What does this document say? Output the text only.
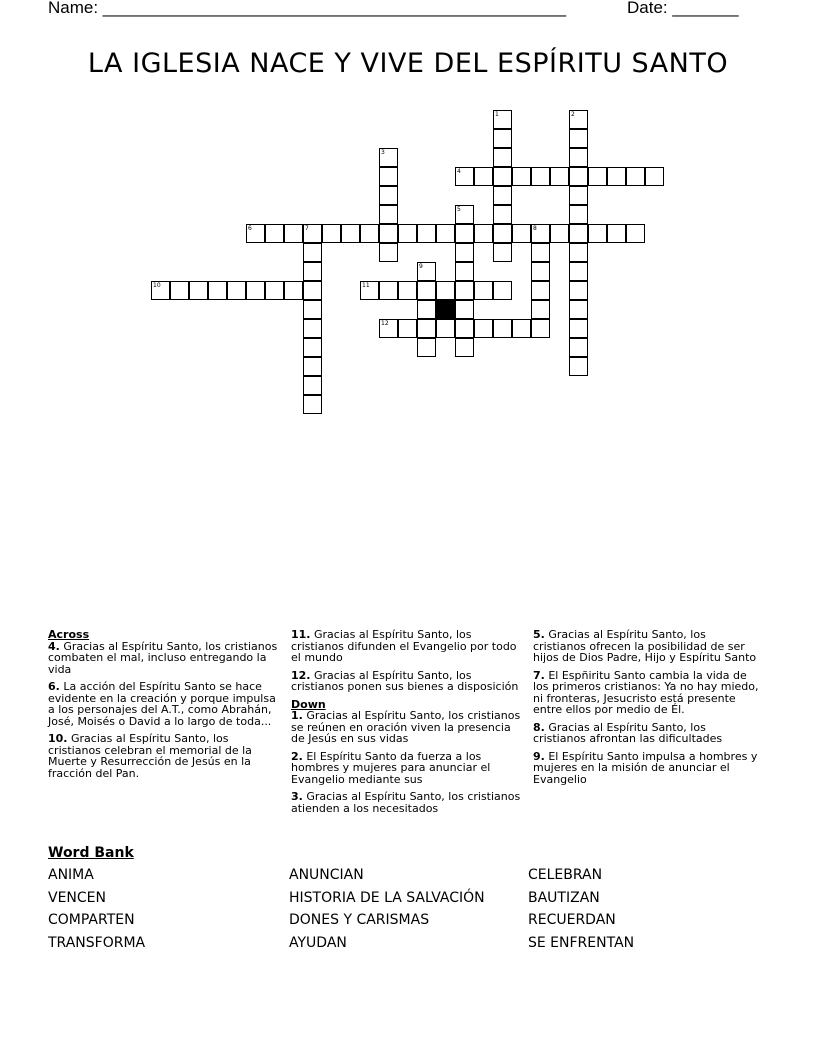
Name: _________________________________________________	Date: _______
LA IGLESIA NACE Y VIVE DEL ESPÍRITU SANTO
4
6	7	8
10	11
12
1	2
3
5
9
Across
4. Gracias al Espíritu Santo, los cristianos combaten el mal, incluso entregando la vida
6. La acción del Espíritu Santo se hace evidente en la creación y porque impulsa a los personajes del A.T., como Abrahán, José, Moisés o David a lo largo de toda...
10. Gracias al Espíritu Santo, los cristianos celebran el memorial de la Muerte y Resurrección de Jesús en la fracción del Pan.
11. Gracias al Espíritu Santo, los cristianos difunden el Evangelio por todo el mundo
12. Gracias al Espíritu Santo, los cristianos ponen sus bienes a disposición
Down
1. Gracias al Espíritu Santo, los cristianos se reúnen en oración viven la presencia de Jesús en sus vidas
2. El Espíritu Santo da fuerza a los hombres y mujeres para anunciar el Evangelio mediante sus
3. Gracias al Espíritu Santo, los cristianos atienden a los necesitados
5. Gracias al Espíritu Santo, los cristianos ofrecen la posibilidad de ser hijos de Dios Padre, Hijo y Espíritu Santo
7. El Espñiritu Santo cambia la vida de los primeros cristianos: Ya no hay miedo, ni fronteras, Jesucristo está presente entre ellos por medio de Él.
8. Gracias al Espíritu Santo, los cristianos afrontan las dificultades
9. El Espíritu Santo impulsa a hombres y mujeres en la misión de anunciar el Evangelio
Word Bank
ANIMA
VENCEN
COMPARTEN
TRANSFORMA
ANUNCIAN
HISTORIA DE LA SALVACIÓN
DONES Y CARISMAS
AYUDAN
CELEBRAN
BAUTIZAN
RECUERDAN
SE ENFRENTAN
